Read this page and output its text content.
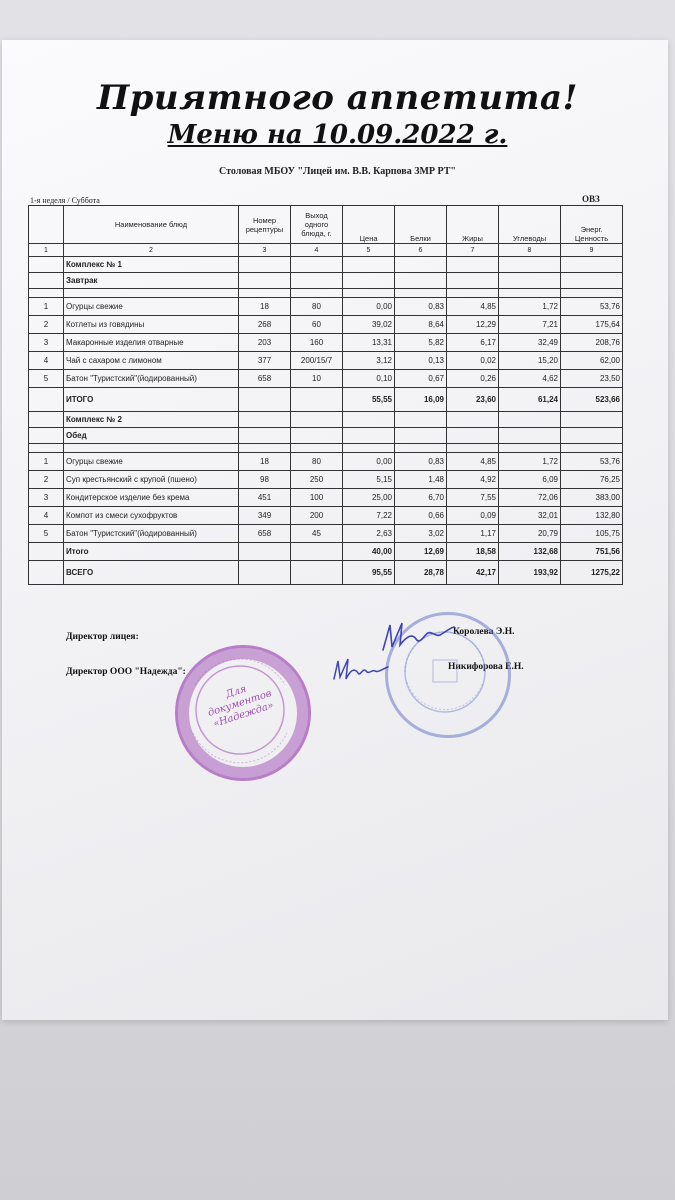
Приятного аппетита!
Меню на 10.09.2022 г.
Столовая МБОУ "Лицей им. В.В. Карпова ЗМР РТ"
1-я неделя / Суббота	ОВЗ
	Наименование блюд	Номер рецептуры	Выход одного блюда, г.	Цена	Белки	Жиры	Углеводы	Энерг. Ценность
1	2	3	4	5	6	7	8	9
	Комплекс № 1							
	Завтрак							

1	Огурцы свежие	18	80	0,00	0,83	4,85	1,72	53,76
2	Котлеты из говядины	268	60	39,02	8,64	12,29	7,21	175,64
3	Макаронные изделия отварные	203	160	13,31	5,82	6,17	32,49	208,76
4	Чай с сахаром с лимоном	377	200/15/7	3,12	0,13	0,02	15,20	62,00
5	Батон "Туристский"(йодированный)	658	10	0,10	0,67	0,26	4,62	23,50
	ИТОГО			55,55	16,09	23,60	61,24	523,66
	Комплекс № 2							
	Обед							

1	Огурцы свежие	18	80	0,00	0,83	4,85	1,72	53,76
2	Суп крестьянский с крупой (пшено)	98	250	5,15	1,48	4,92	6,09	76,25
3	Кондитерское изделие без крема	451	100	25,00	6,70	7,55	72,06	383,00
4	Компот из смеси сухофруктов	349	200	7,22	0,66	0,09	32,01	132,80
5	Батон "Туристский"(йодированный)	658	45	2,63	3,02	1,17	20,79	105,75
	Итого			40,00	12,69	18,58	132,68	751,56
	ВСЕГО			95,55	28,78	42,17	193,92	1275,22
Директор лицея:	Королева Э.Н.
Директор ООО "Надежда":	Никифорова Е.Н.
Для документов «Надежда»
